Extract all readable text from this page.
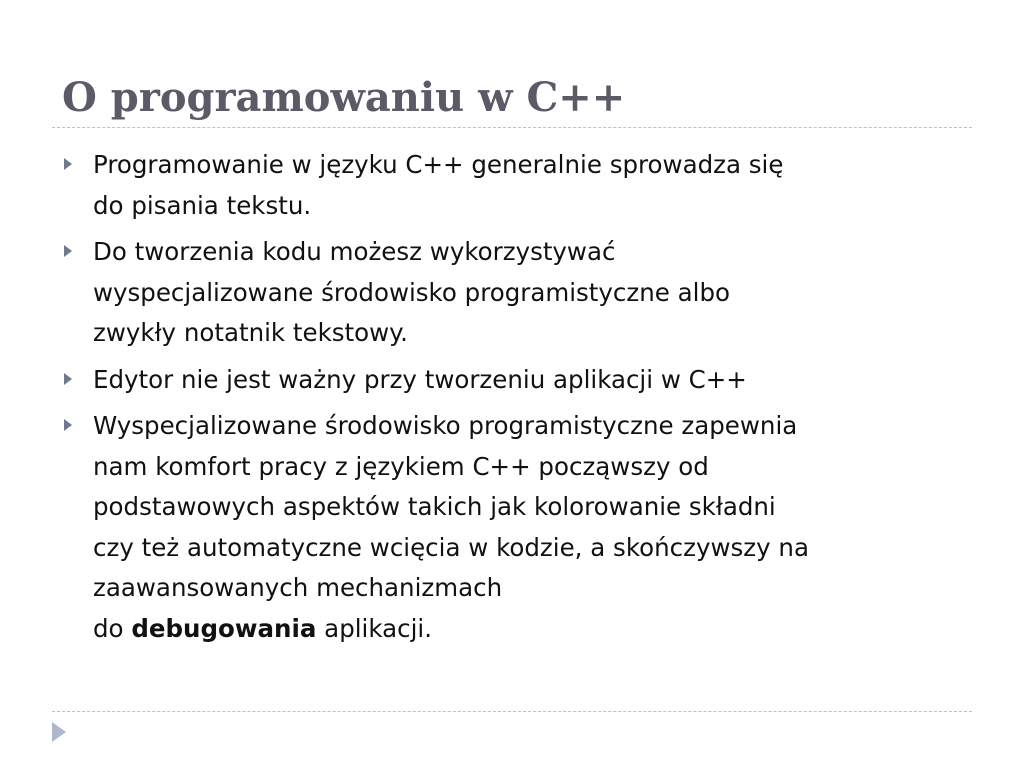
O programowaniu w C++
Programowanie w języku C++ generalnie sprowadza się
do pisania tekstu.
Do tworzenia kodu możesz wykorzystywać
wyspecjalizowane środowisko programistyczne albo
zwykły notatnik tekstowy.
Edytor nie jest ważny przy tworzeniu aplikacji w C++
Wyspecjalizowane środowisko programistyczne zapewnia
nam komfort pracy z językiem C++ począwszy od
podstawowych aspektów takich jak kolorowanie składni
czy też automatyczne wcięcia w kodzie, a skończywszy na
zaawansowanych mechanizmach
do debugowania aplikacji.
